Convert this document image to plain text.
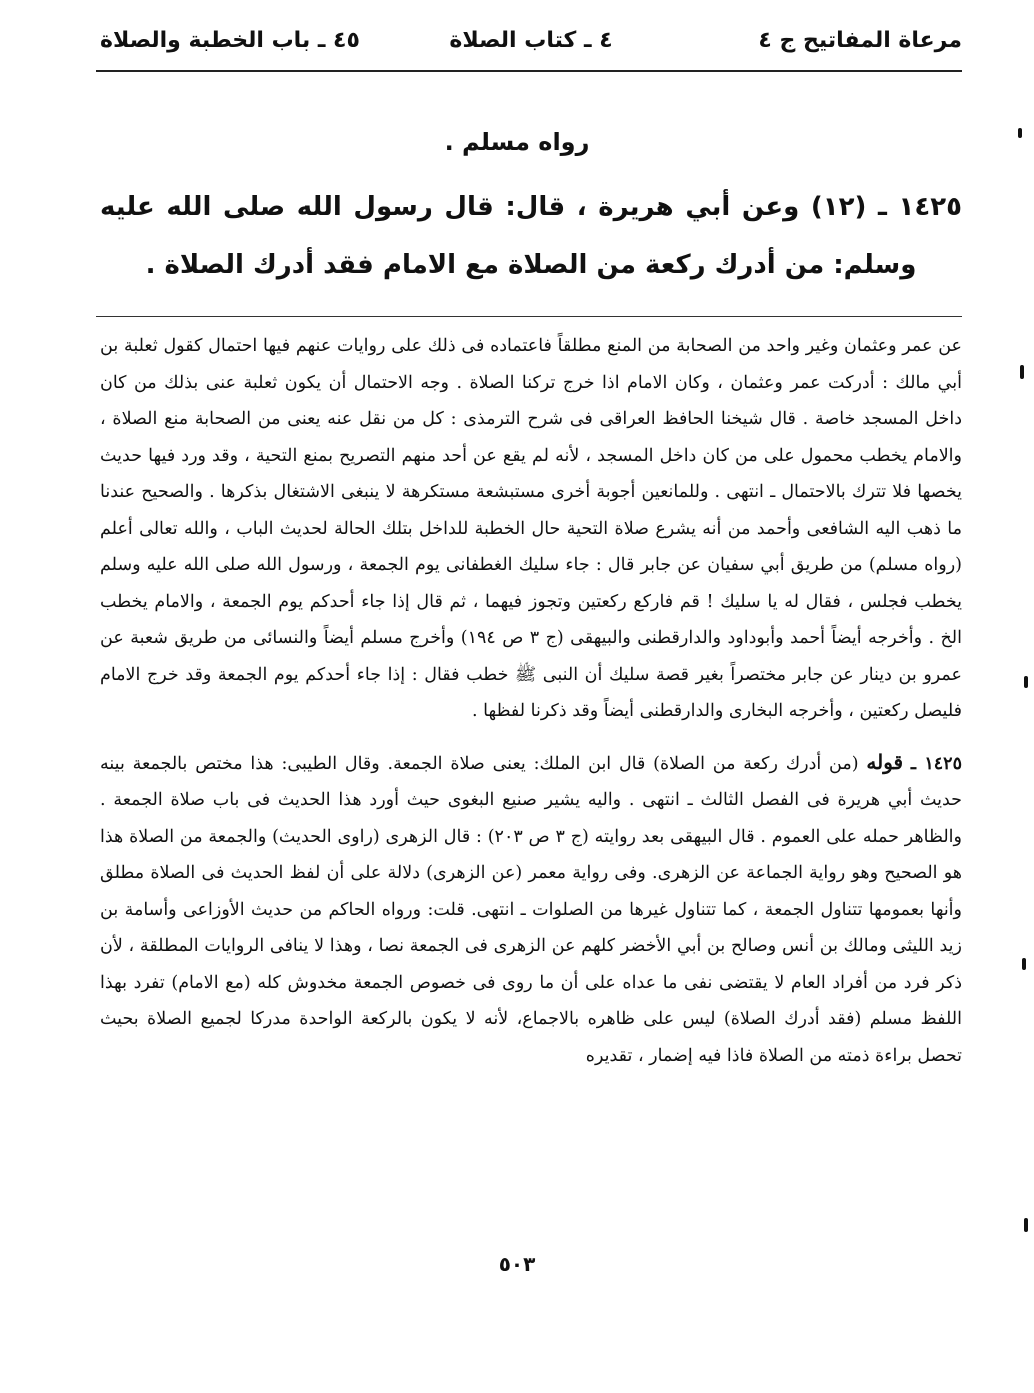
مرعاة المفاتيح ج ٤
٤ ـ كتاب الصلاة
٤٥ ـ باب الخطبة والصلاة
رواه مسلم .
١٤٢٥ ـ (١٢) وعن أبي هريرة ، قال: قال رسول الله صلى الله عليه وسلم: من أدرك ركعة من الصلاة مع الامام فقد أدرك الصلاة .

عن عمر وعثمان وغير واحد من الصحابة من المنع مطلقاً فاعتماده فى ذلك على روايات عنهم فيها احتمال كقول ثعلبة بن أبي مالك : أدركت عمر وعثمان ، وكان الامام اذا خرج تركنا الصلاة . وجه الاحتمال أن يكون ثعلبة عنى بذلك من كان داخل المسجد خاصة . قال شيخنا الحافظ العراقى فى شرح الترمذى : كل من نقل عنه يعنى من الصحابة منع الصلاة ، والامام يخطب محمول على من كان داخل المسجد ، لأنه لم يقع عن أحد منهم التصريح بمنع التحية ، وقد ورد فيها حديث يخصها فلا تترك بالاحتمال ـ انتهى . وللمانعين أجوبة أخرى مستبشعة مستكرهة لا ينبغى الاشتغال بذكرها . والصحيح عندنا ما ذهب اليه الشافعى وأحمد من أنه يشرع صلاة التحية حال الخطبة للداخل بتلك الحالة لحديث الباب ، والله تعالى أعلم (رواه مسلم) من طريق أبي سفيان عن جابر قال : جاء سليك الغطفانى يوم الجمعة ، ورسول الله صلى الله عليه وسلم يخطب فجلس ، فقال له يا سليك ! قم فاركع ركعتين وتجوز فيهما ، ثم قال إذا جاء أحدكم يوم الجمعة ، والامام يخطب الخ . وأخرجه أيضاً أحمد وأبوداود والدارقطنى والبيهقى (ج ٣ ص ١٩٤) وأخرج مسلم أيضاً والنسائى من طريق شعبة عن عمرو بن دينار عن جابر مختصراً بغير قصة سليك أن النبى ﷺ خطب فقال : إذا جاء أحدكم يوم الجمعة وقد خرج الامام فليصل ركعتين ، وأخرجه البخارى والدارقطنى أيضاً وقد ذكرنا لفظها .

١٤٢٥ ـ قوله (من أدرك ركعة من الصلاة) قال ابن الملك: يعنى صلاة الجمعة. وقال الطيبى: هذا مختص بالجمعة بينه حديث أبي هريرة فى الفصل الثالث ـ انتهى . واليه يشير صنيع البغوى حيث أورد هذا الحديث فى باب صلاة الجمعة . والظاهر حمله على العموم . قال البيهقى بعد روايته (ج ٣ ص ٢٠٣) : قال الزهرى (راوى الحديث) والجمعة من الصلاة هذا هو الصحيح وهو رواية الجماعة عن الزهرى. وفى رواية معمر (عن الزهرى) دلالة على أن لفظ الحديث فى الصلاة مطلق وأنها بعمومها تتناول الجمعة ، كما تتناول غيرها من الصلوات ـ انتهى. قلت: ورواه الحاكم من حديث الأوزاعى وأسامة بن زيد الليثى ومالك بن أنس وصالح بن أبي الأخضر كلهم عن الزهرى فى الجمعة نصا ، وهذا لا ينافى الروايات المطلقة ، لأن ذكر فرد من أفراد العام لا يقتضى نفى ما عداه على أن ما روى فى خصوص الجمعة مخدوش كله (مع الامام) تفرد بهذا اللفظ مسلم (فقد أدرك الصلاة) ليس على ظاهره بالاجماع، لأنه لا يكون بالركعة الواحدة مدركا لجميع الصلاة بحيث تحصل براءة ذمته من الصلاة فاذا فيه إضمار ، تقديره

٥٠٣
